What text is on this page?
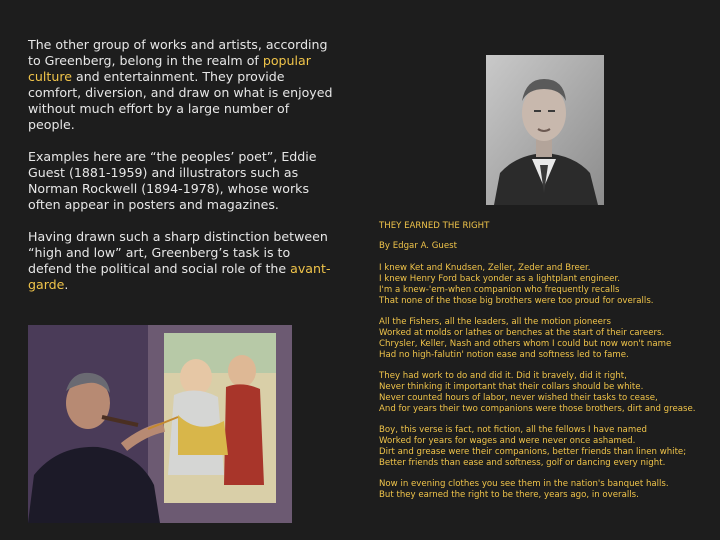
The other group of works and artists, according to Greenberg, belong in the realm of popular culture and entertainment. They provide comfort, diversion, and draw on what is enjoyed without much effort by a large number of people.

Examples here are “the peoples’ poet”, Eddie Guest (1881-1959) and illustrators such as Norman Rockwell (1894-1978), whose works often appear in posters and magazines.

Having drawn such a sharp distinction between “high and low” art, Greenberg’s task is to defend the political and social role of the avant-garde.

THEY EARNED THE RIGHT
By Edgar A. Guest
I knew Ket and Knudsen, Zeller, Zeder and Breer.
I knew Henry Ford back yonder as a lightplant engineer.
I'm a knew-'em-when companion who frequently recalls
That none of the those big brothers were too proud for overalls.
All the Fishers, all the leaders, all the motion pioneers
Worked at molds or lathes or benches at the start of their careers.
Chrysler, Keller, Nash and others whom I could but now won't name
Had no high-falutin' notion ease and softness led to fame.
They had work to do and did it. Did it bravely, did it right,
Never thinking it important that their collars should be white.
Never counted hours of labor, never wished their tasks to cease,
And for years their two companions were those brothers, dirt and grease.
Boy, this verse is fact, not fiction, all the fellows I have named
Worked for years for wages and were never once ashamed.
Dirt and grease were their companions, better friends than linen white;
Better friends than ease and softness, golf or dancing every night.
Now in evening clothes you see them in the nation's banquet halls.
But they earned the right to be there, years ago, in overalls.
